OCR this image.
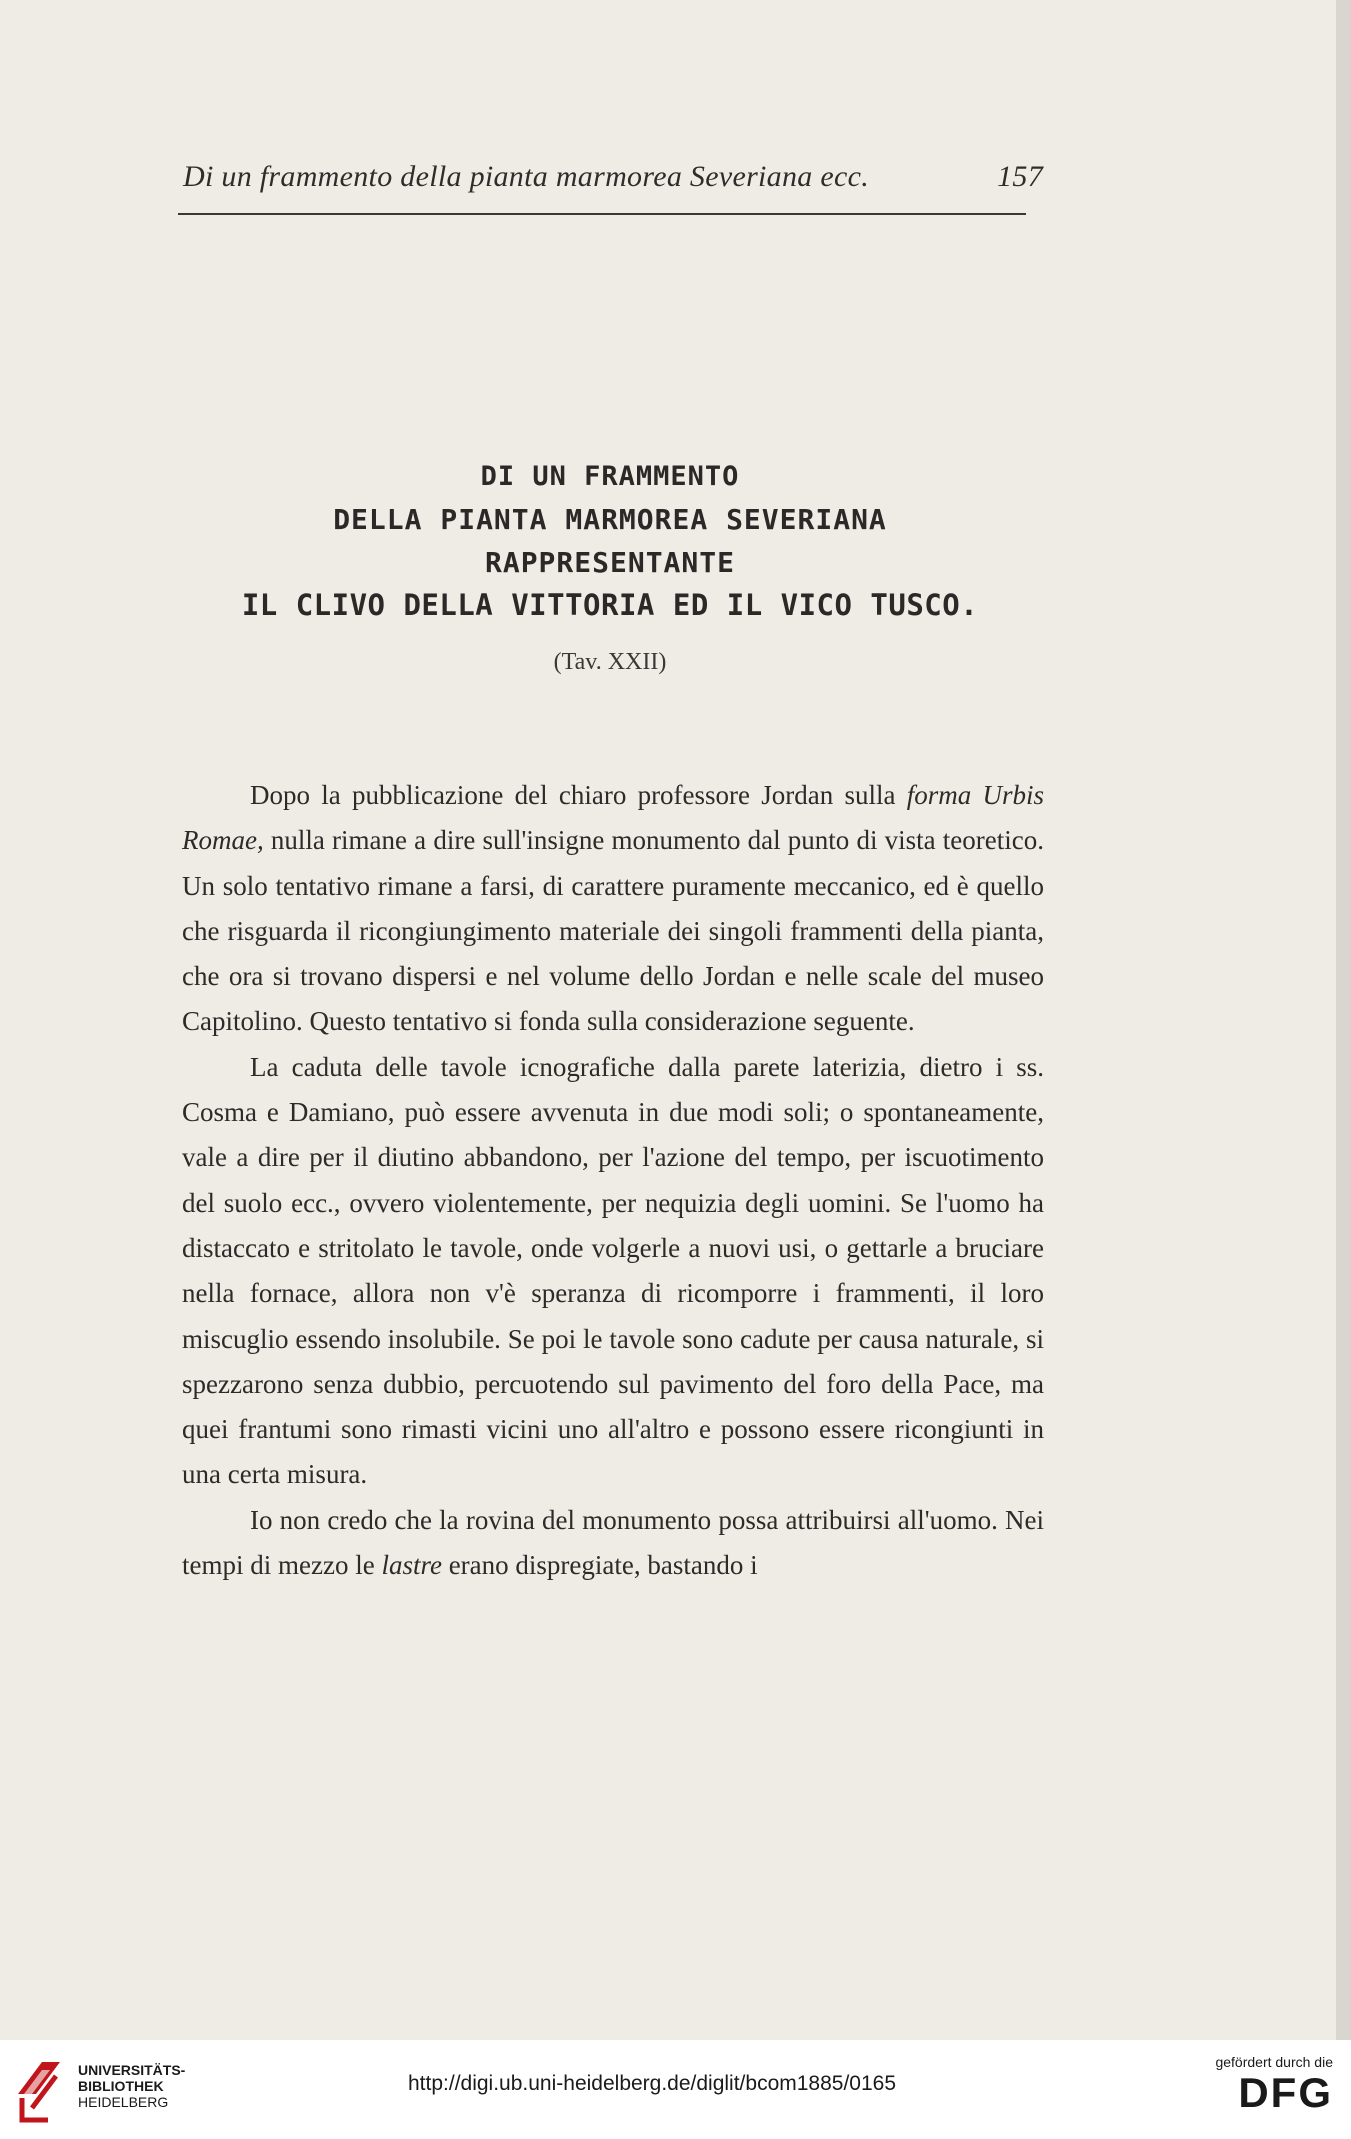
Di un frammento della pianta marmorea Severiana ecc.	157
DI UN FRAMMENTO
DELLA PIANTA MARMOREA SEVERIANA
RAPPRESENTANTE
IL CLIVO DELLA VITTORIA ED IL VICO TUSCO.
(Tav. XXII)

Dopo la pubblicazione del chiaro professore Jordan sulla forma Urbis Romae, nulla rimane a dire sull'insigne monumento dal punto di vista teoretico. Un solo tentativo rimane a farsi, di carattere puramente meccanico, ed è quello che risguarda il ricongiungimento materiale dei singoli frammenti della pianta, che ora si trovano dispersi e nel volume dello Jordan e nelle scale del museo Capitolino. Questo tentativo si fonda sulla considerazione seguente.

La caduta delle tavole icnografiche dalla parete laterizia, dietro i ss. Cosma e Damiano, può essere avvenuta in due modi soli; o spontaneamente, vale a dire per il diutino abbandono, per l'azione del tempo, per iscuotimento del suolo ecc., ovvero violentemente, per nequizia degli uomini. Se l'uomo ha distaccato e stritolato le tavole, onde volgerle a nuovi usi, o gettarle a bruciare nella fornace, allora non v'è speranza di ricomporre i frammenti, il loro miscuglio essendo insolubile. Se poi le tavole sono cadute per causa naturale, si spezzarono senza dubbio, percuotendo sul pavimento del foro della Pace, ma quei frantumi sono rimasti vicini uno all'altro e possono essere ricongiunti in una certa misura.

Io non credo che la rovina del monumento possa attribuirsi all'uomo. Nei tempi di mezzo le lastre erano dispregiate, bastando i

UNIVERSITÄTS-
BIBLIOTHEK
HEIDELBERG
http://digi.ub.uni-heidelberg.de/diglit/bcom1885/0165
gefördert durch die
DFG
